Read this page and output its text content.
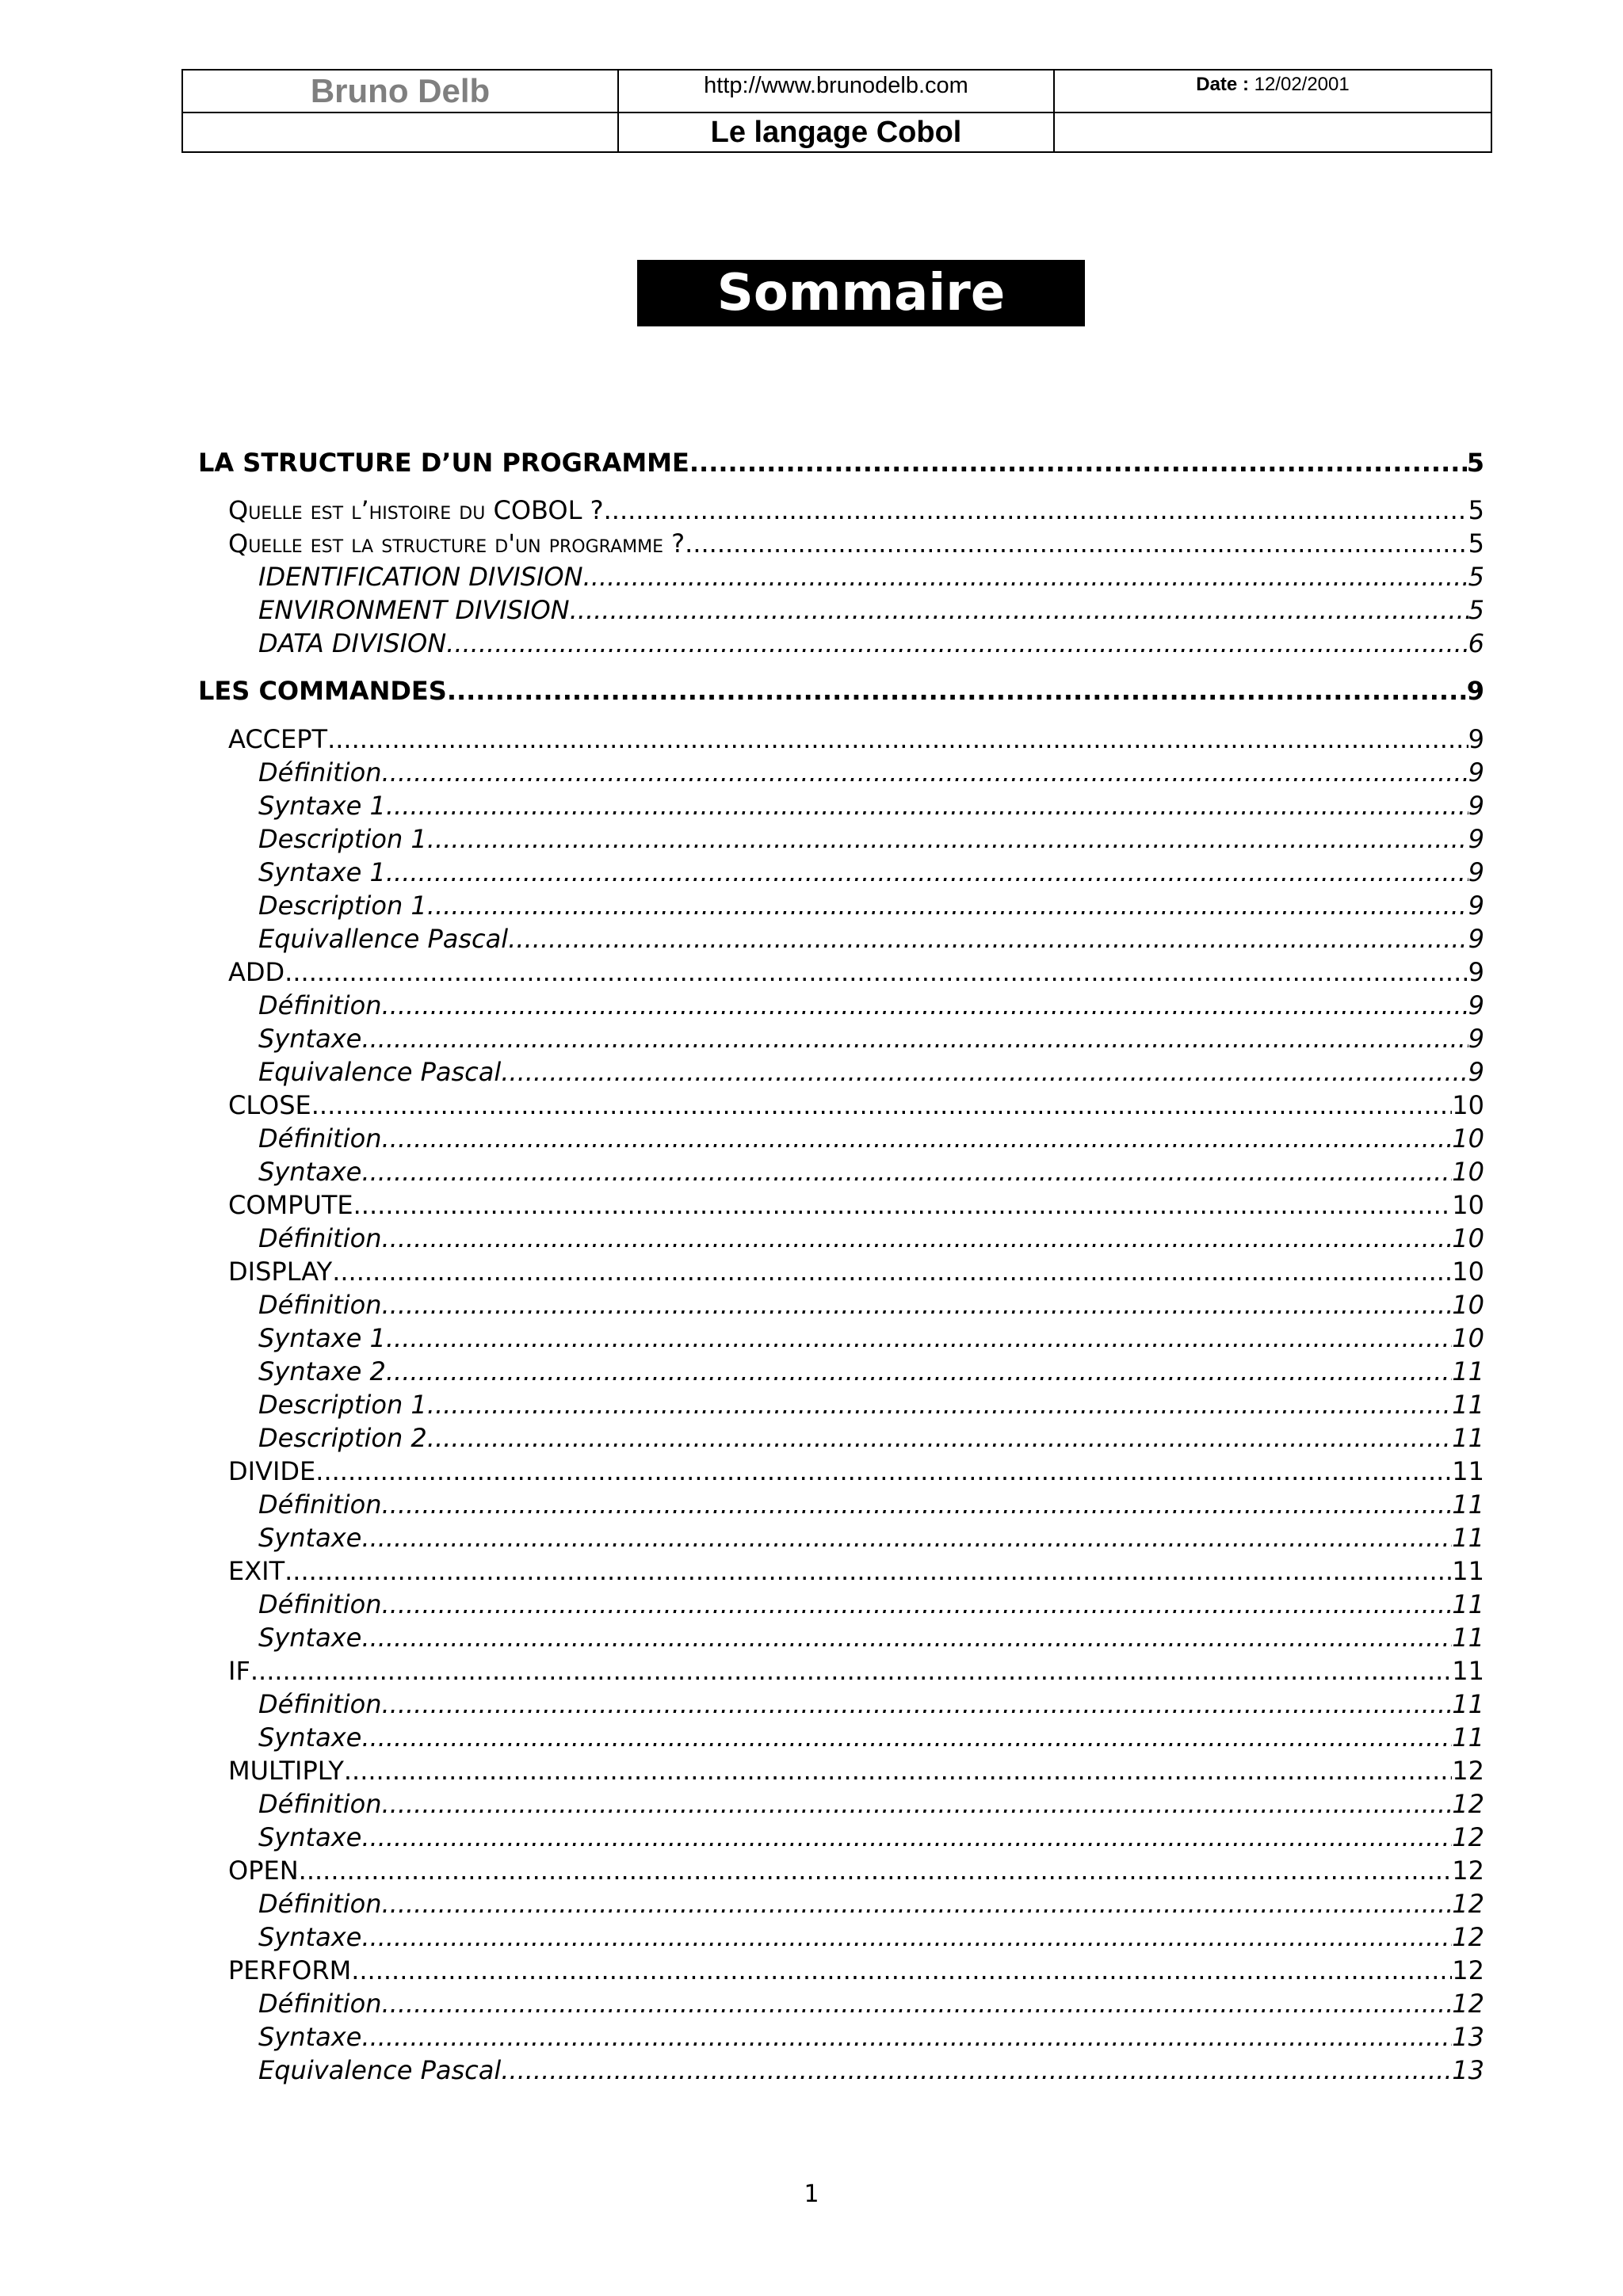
Bruno Delb	http://www.brunodelb.com	Date : 12/02/2001
	Le langage Cobol	
Sommaire
LA STRUCTURE D’UN PROGRAMME .....	5
Quelle est l’histoire du COBOL ? .....	5
Quelle est la structure d'un programme ? .....	5
IDENTIFICATION DIVISION .....	5
ENVIRONMENT DIVISION .....	5
DATA DIVISION .....	6
LES COMMANDES .....	9
ACCEPT .....	9
Définition .....	9
Syntaxe 1 .....	9
Description 1 .....	9
Syntaxe 1 .....	9
Description 1 .....	9
Equivallence Pascal .....	9
ADD .....	9
Définition .....	9
Syntaxe .....	9
Equivalence Pascal .....	9
CLOSE .....	10
Définition .....	10
Syntaxe .....	10
COMPUTE .....	10
Définition .....	10
DISPLAY .....	10
Définition .....	10
Syntaxe 1 .....	10
Syntaxe 2 .....	11
Description 1 .....	11
Description 2 .....	11
DIVIDE .....	11
Définition .....	11
Syntaxe .....	11
EXIT .....	11
Définition .....	11
Syntaxe .....	11
IF .....	11
Définition .....	11
Syntaxe .....	11
MULTIPLY .....	12
Définition .....	12
Syntaxe .....	12
OPEN .....	12
Définition .....	12
Syntaxe .....	12
PERFORM .....	12
Définition .....	12
Syntaxe .....	13
Equivalence Pascal .....	13
1
